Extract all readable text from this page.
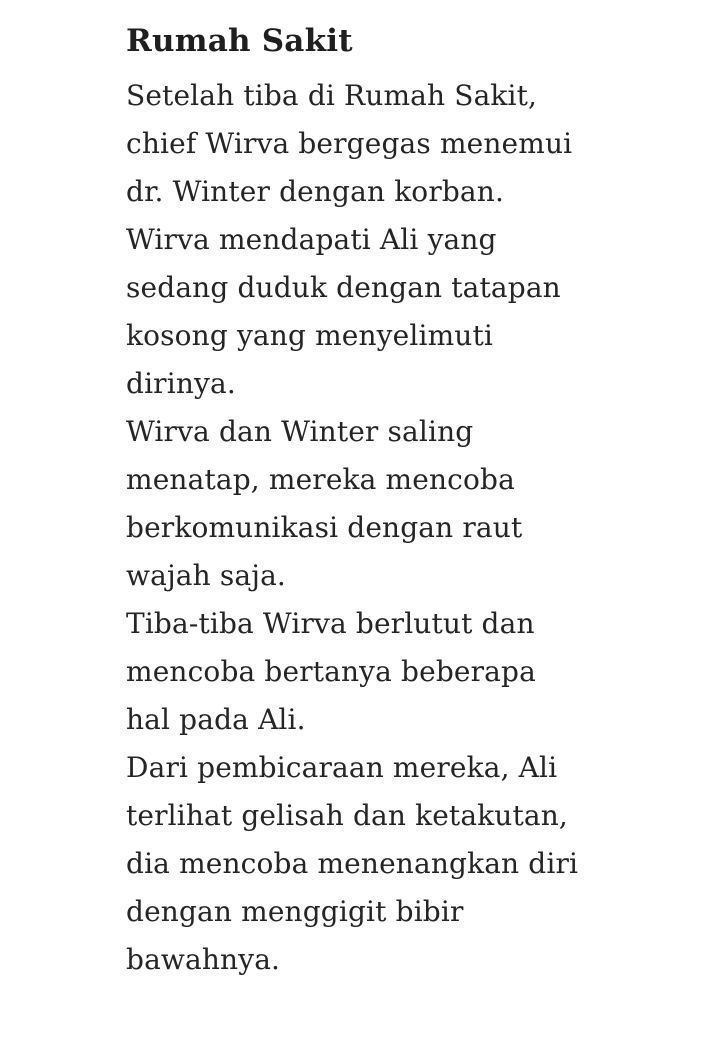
Rumah Sakit
Setelah tiba di Rumah Sakit,
chief Wirva bergegas menemui
dr. Winter dengan korban.
Wirva mendapati Ali yang
sedang duduk dengan tatapan
kosong yang menyelimuti
dirinya.
Wirva dan Winter saling
menatap, mereka mencoba
berkomunikasi dengan raut
wajah saja.
Tiba-tiba Wirva berlutut dan
mencoba bertanya beberapa
hal pada Ali.
Dari pembicaraan mereka, Ali
terlihat gelisah dan ketakutan,
dia mencoba menenangkan diri
dengan menggigit bibir
bawahnya.
